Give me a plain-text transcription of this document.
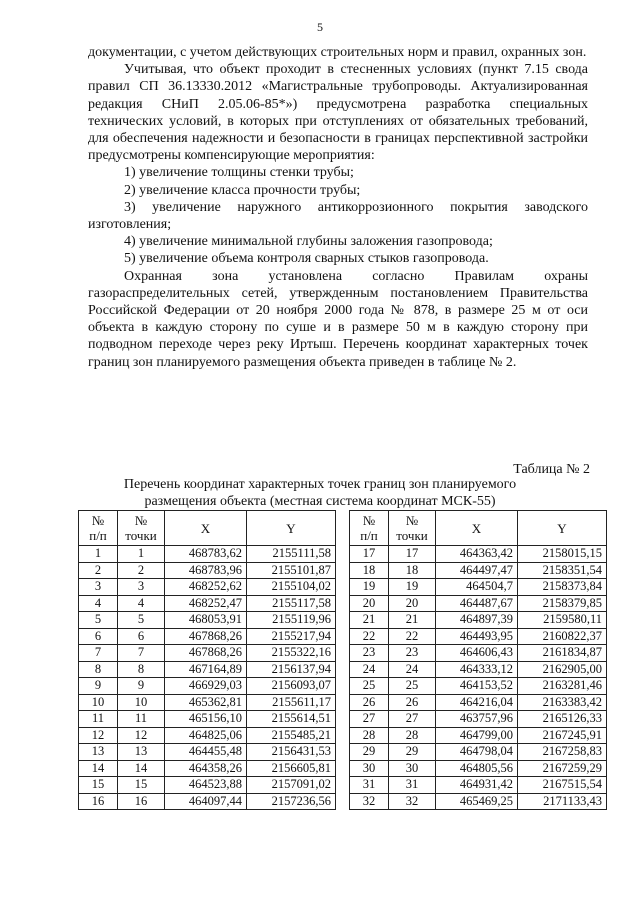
5

документации, с учетом действующих строительных норм и правил, охранных зон.

Учитывая, что объект проходит в стесненных условиях (пункт 7.15 свода правил СП 36.13330.2012 «Магистральные трубопроводы. Актуализированная редакция СНиП 2.05.06-85*») предусмотрена разработка специальных технических условий, в которых при отступлениях от обязательных требований, для обеспечения надежности и безопасности в границах перспективной застройки предусмотрены компенсирующие мероприятия:

1) увеличение толщины стенки трубы;

2) увеличение класса прочности трубы;

3) увеличение наружного антикоррозионного покрытия заводского изготовления;

4) увеличение минимальной глубины заложения газопровода;

5) увеличение объема контроля сварных стыков газопровода.

Охранная зона установлена согласно Правилам охраны газораспределительных сетей, утвержденным постановлением Правительства Российской Федерации от 20 ноября 2000 года № 878, в размере 25 м от оси объекта в каждую сторону по суше и в размере 50 м в каждую сторону при подводном переходе через реку Иртыш. Перечень координат характерных точек границ зон планируемого размещения объекта приведен в таблице № 2.

Таблица № 2
Перечень координат характерных точек границ зон планируемого размещения объекта (местная система координат МСК-55)
№
п/п	№
точки	X	Y
1	1	468783,62	2155111,58
2	2	468783,96	2155101,87
3	3	468252,62	2155104,02
4	4	468252,47	2155117,58
5	5	468053,91	2155119,96
6	6	467868,26	2155217,94
7	7	467868,26	2155322,16
8	8	467164,89	2156137,94
9	9	466929,03	2156093,07
10	10	465362,81	2155611,17
11	11	465156,10	2155614,51
12	12	464825,06	2155485,21
13	13	464455,48	2156431,53
14	14	464358,26	2156605,81
15	15	464523,88	2157091,02
16	16	464097,44	2157236,56
№
п/п	№
точки	X	Y
17	17	464363,42	2158015,15
18	18	464497,47	2158351,54
19	19	464504,7	2158373,84
20	20	464487,67	2158379,85
21	21	464897,39	2159580,11
22	22	464493,95	2160822,37
23	23	464606,43	2161834,87
24	24	464333,12	2162905,00
25	25	464153,52	2163281,46
26	26	464216,04	2163383,42
27	27	463757,96	2165126,33
28	28	464799,00	2167245,91
29	29	464798,04	2167258,83
30	30	464805,56	2167259,29
31	31	464931,42	2167515,54
32	32	465469,25	2171133,43
